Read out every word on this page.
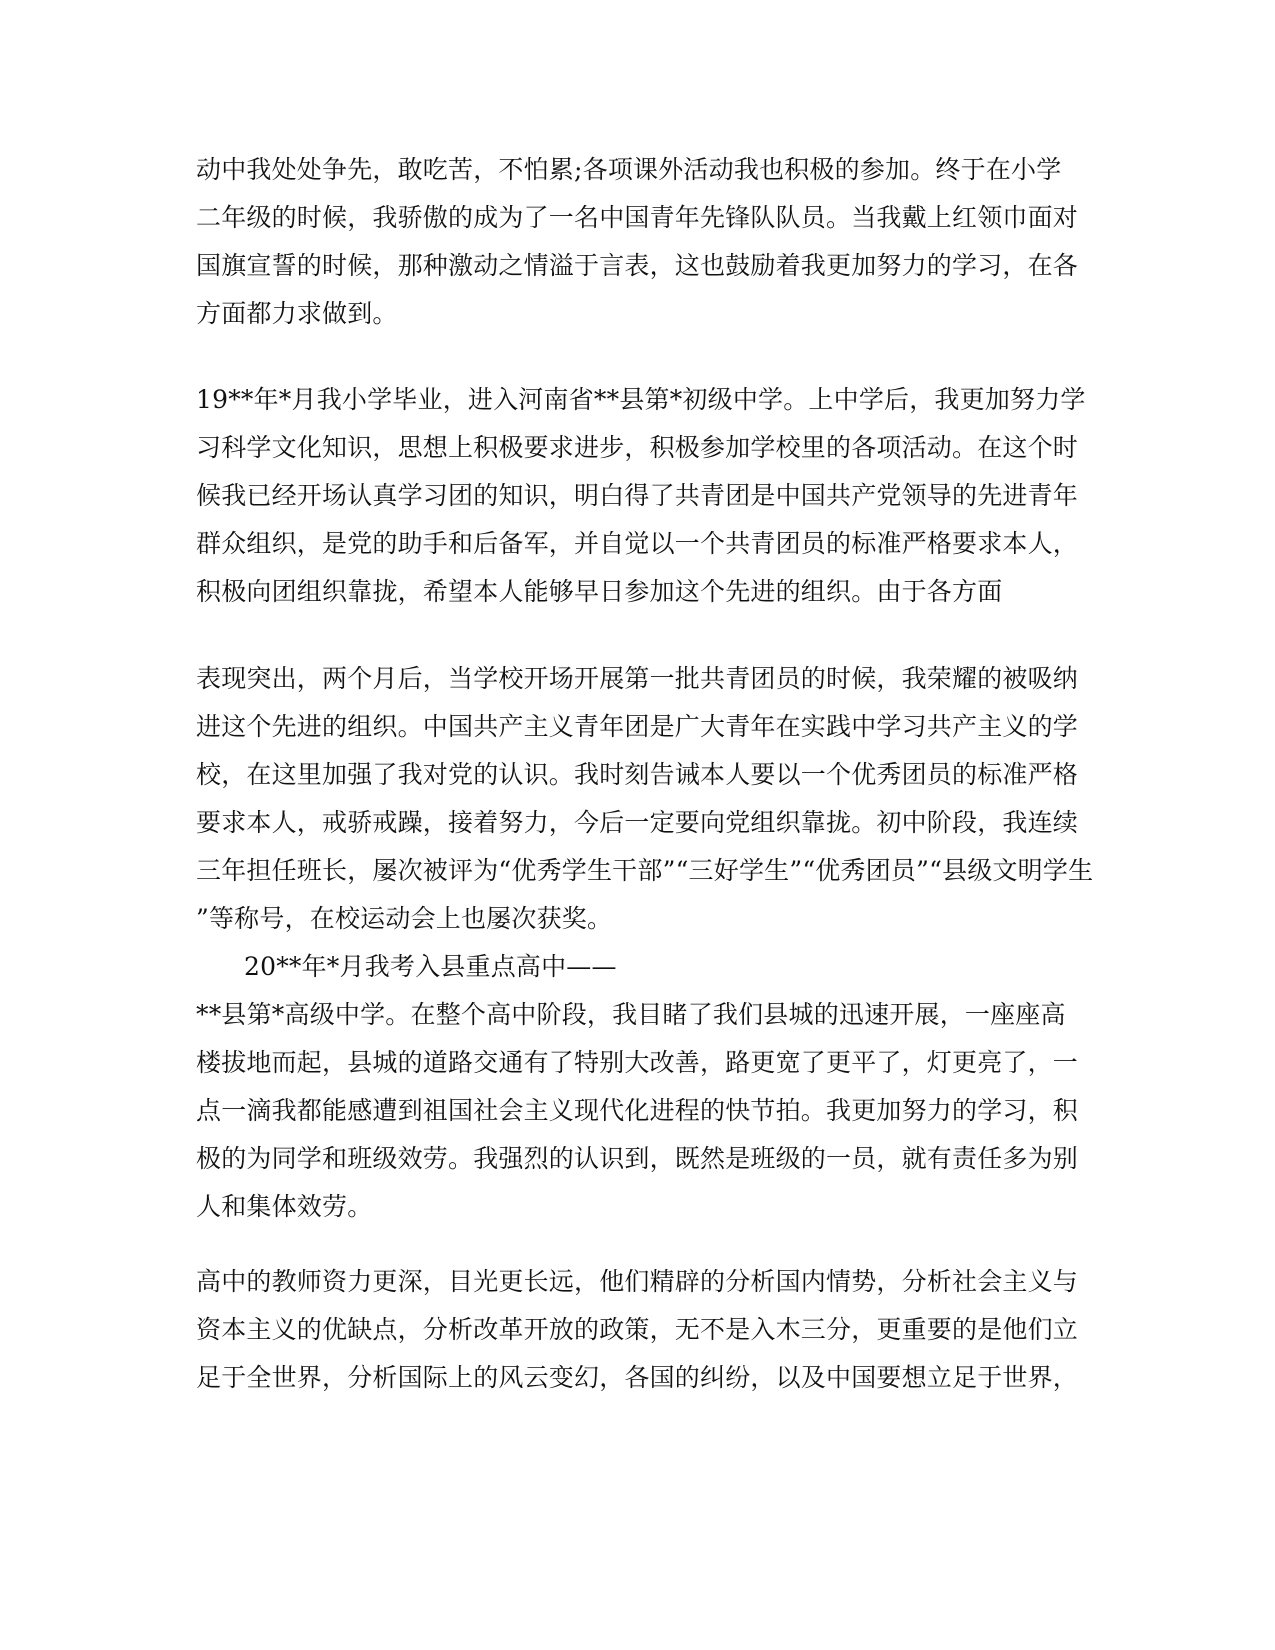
动中我处处争先，敢吃苦，不怕累;各项课外活动我也积极的参加。终于在小学
二年级的时候，我骄傲的成为了一名中国青年先锋队队员。当我戴上红领巾面对
国旗宣誓的时候，那种激动之情溢于言表，这也鼓励着我更加努力的学习，在各
方面都力求做到。
19**年*月我小学毕业，进入河南省**县第*初级中学。上中学后，我更加努力学
习科学文化知识，思想上积极要求进步，积极参加学校里的各项活动。在这个时
候我已经开场认真学习团的知识，明白得了共青团是中国共产党领导的先进青年
群众组织，是党的助手和后备军，并自觉以一个共青团员的标准严格要求本人，
积极向团组织靠拢，希望本人能够早日参加这个先进的组织。由于各方面
表现突出，两个月后，当学校开场开展第一批共青团员的时候，我荣耀的被吸纳
进这个先进的组织。中国共产主义青年团是广大青年在实践中学习共产主义的学
校，在这里加强了我对党的认识。我时刻告诫本人要以一个优秀团员的标准严格
要求本人，戒骄戒躁，接着努力，今后一定要向党组织靠拢。初中阶段，我连续
三年担任班长，屡次被评为“优秀学生干部”“三好学生”“优秀团员”“县级文明学生
”等称号，在校运动会上也屡次获奖。
20**年*月我考入县重点高中——
**县第*高级中学。在整个高中阶段，我目睹了我们县城的迅速开展，一座座高
楼拔地而起，县城的道路交通有了特别大改善，路更宽了更平了，灯更亮了，一
点一滴我都能感遭到祖国社会主义现代化进程的快节拍。我更加努力的学习，积
极的为同学和班级效劳。我强烈的认识到，既然是班级的一员，就有责任多为别
人和集体效劳。
高中的教师资力更深，目光更长远，他们精辟的分析国内情势，分析社会主义与
资本主义的优缺点，分析改革开放的政策，无不是入木三分，更重要的是他们立
足于全世界，分析国际上的风云变幻，各国的纠纷，以及中国要想立足于世界，
